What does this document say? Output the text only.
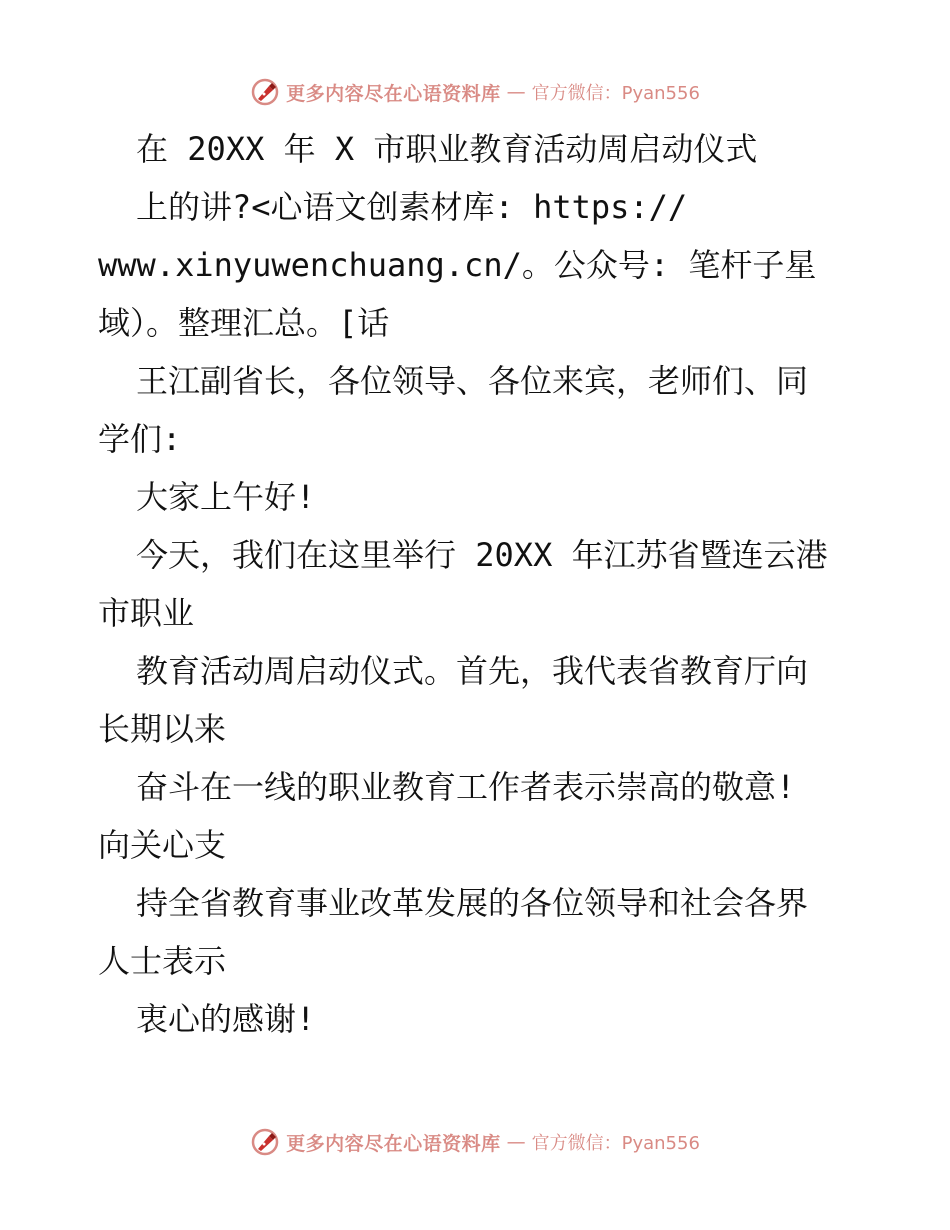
更多内容尽在心语资料库 — 官方微信：Pyan556
在 20XX 年 X 市职业教育活动周启动仪式
上的讲?<心语文创素材库: https://
www.xinyuwenchuang.cn/。公众号: 笔杆子星
域）。整理汇总。[话
王江副省长，各位领导、各位来宾，老师们、同
学们:
大家上午好!
今天，我们在这里举行 20XX 年江苏省暨连云港
市职业
教育活动周启动仪式。首先，我代表省教育厅向
长期以来
奋斗在一线的职业教育工作者表示崇高的敬意!
向关心支
持全省教育事业改革发展的各位领导和社会各界
人士表示
衷心的感谢!
更多内容尽在心语资料库 — 官方微信：Pyan556
